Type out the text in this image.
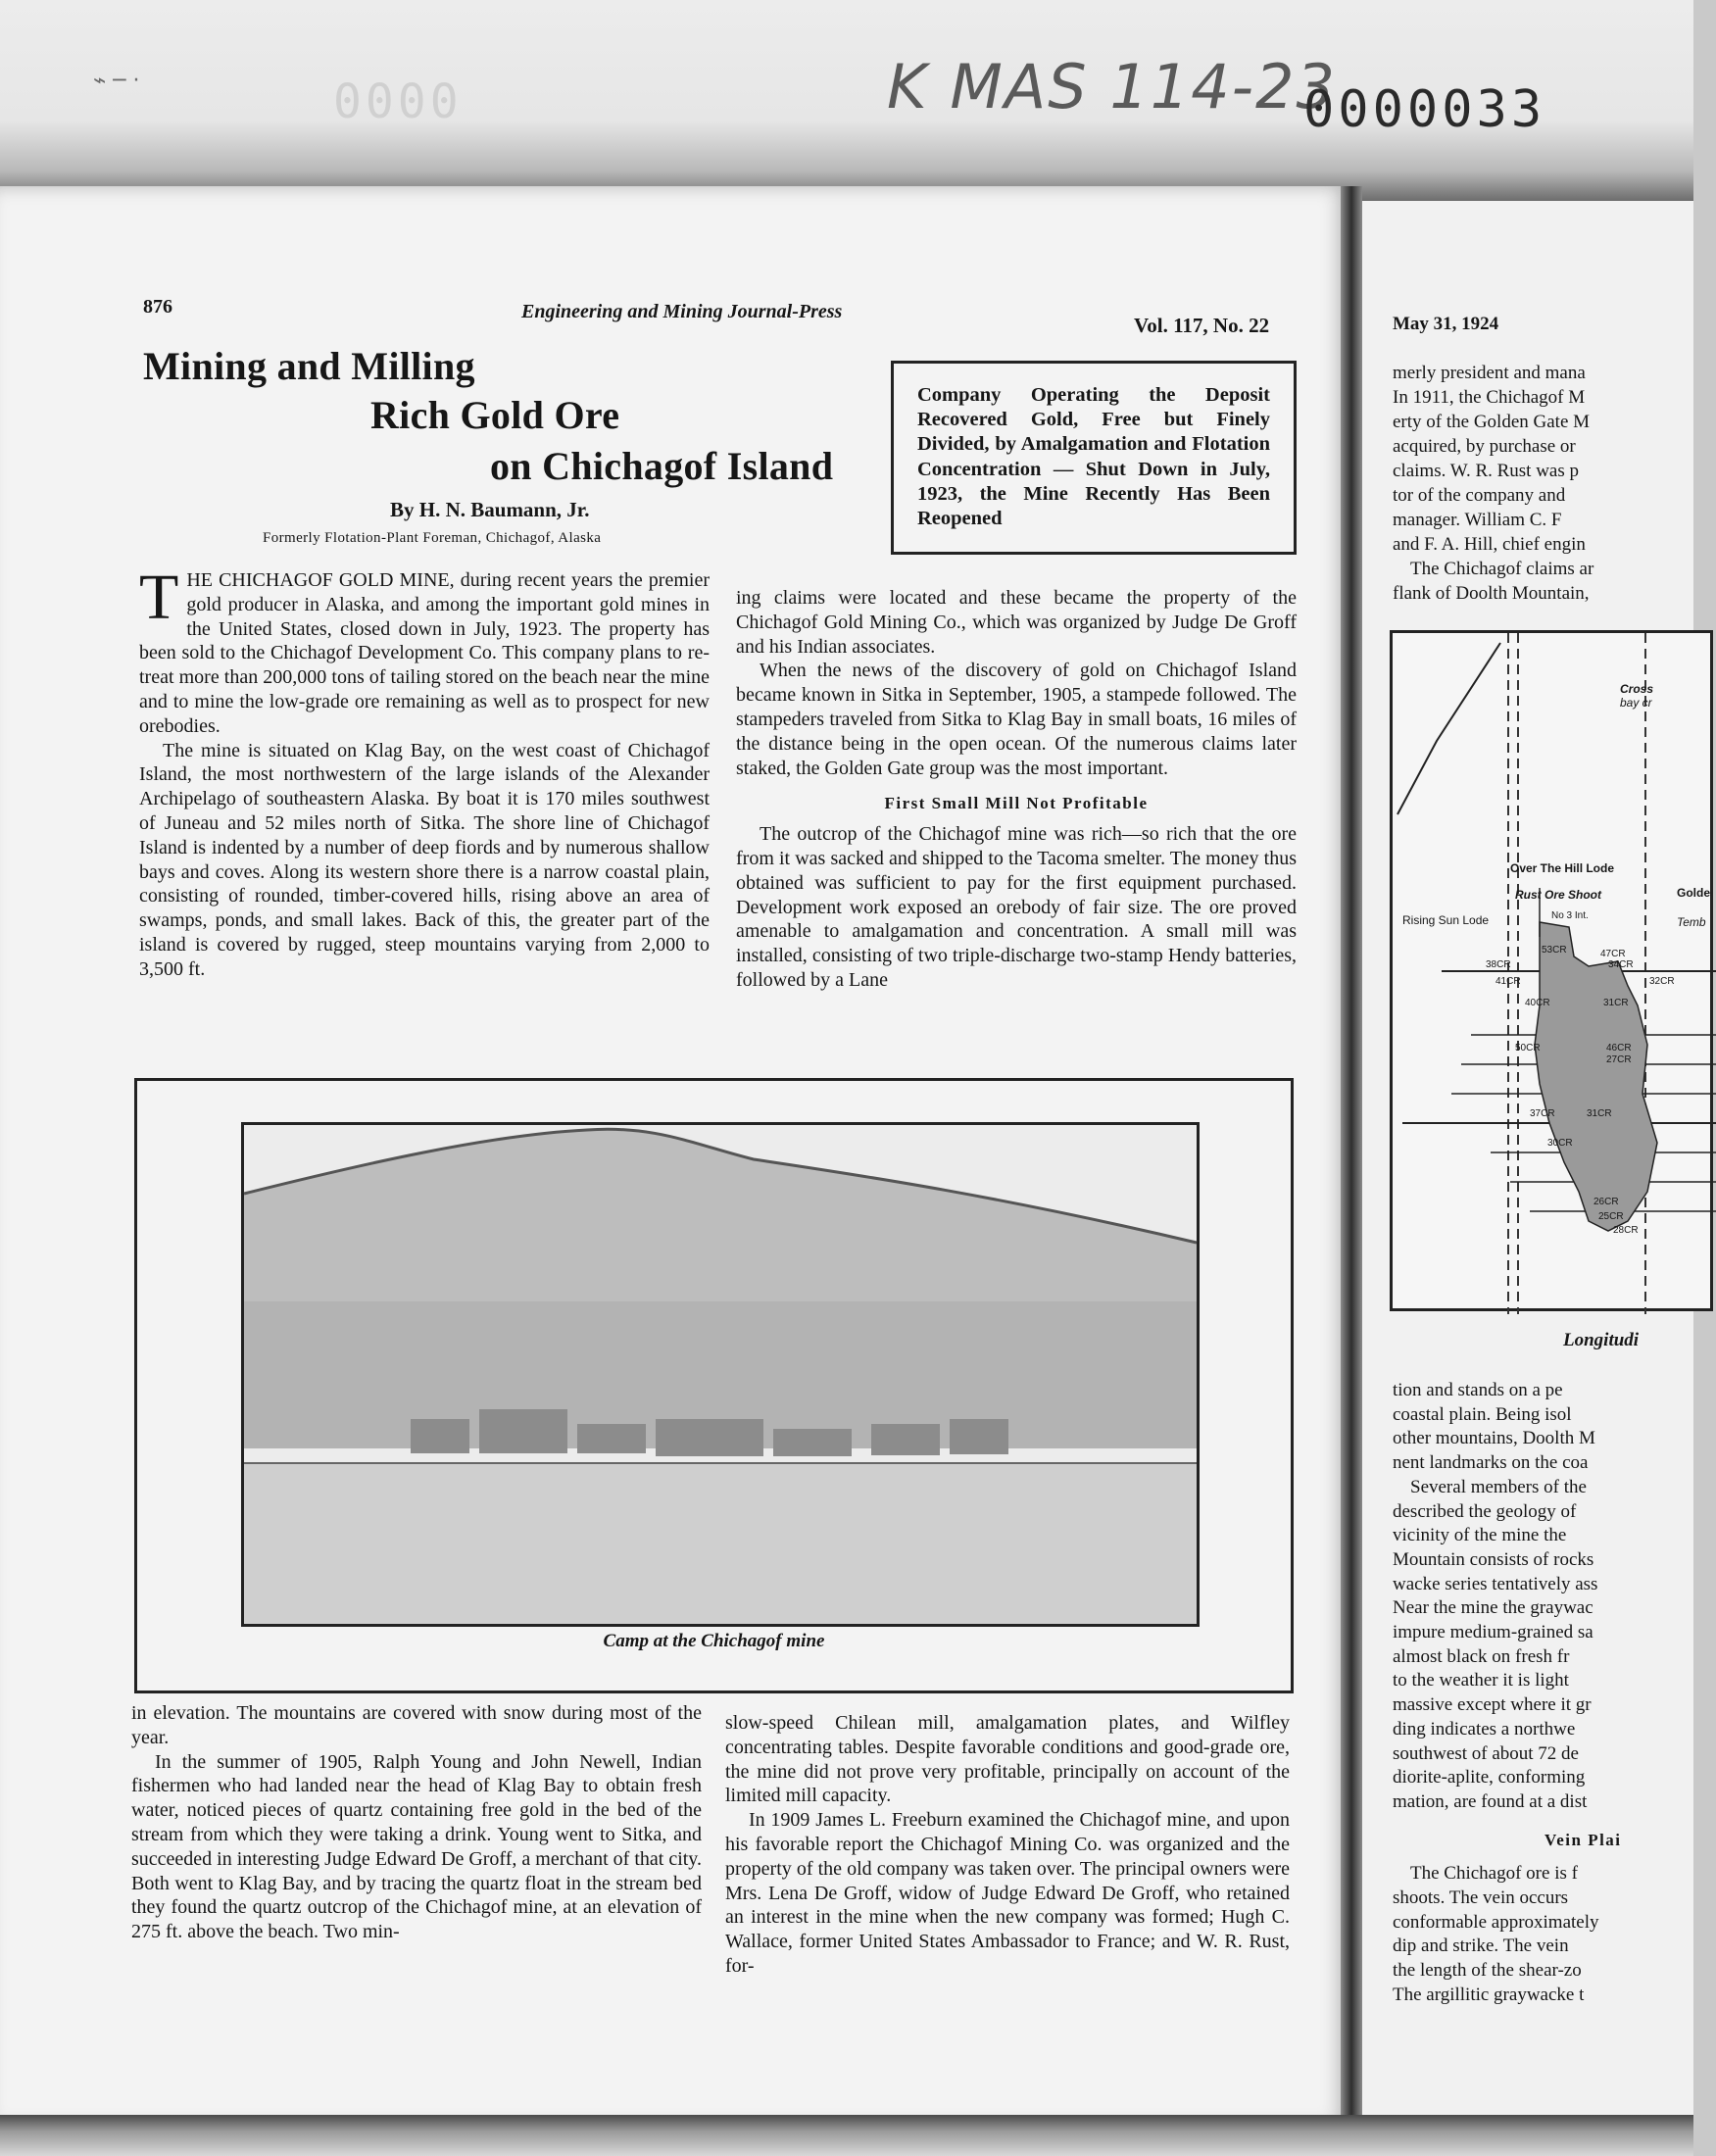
0000	K MAS 114-23
0000033
⌁ ─ ·
876	Engineering and Mining Journal-Press
Vol. 117, No. 22	May 31, 1924
Mining and Milling
Rich Gold Ore
on Chichagof Island
By H. N. Baumann, Jr.
Formerly Flotation-Plant Foreman, Chichagof, Alaska
Company Operating the Deposit Recovered Gold, Free but Finely Divided, by Amalgamation and Flotation Concentration — Shut Down in July, 1923, the Mine Recently Has Been Reopened

THE CHICHAGOF GOLD MINE, during recent years the premier gold producer in Alaska, and among the important gold mines in the United States, closed down in July, 1923. The property has been sold to the Chichagof Development Co. This company plans to re-treat more than 200,000 tons of tailing stored on the beach near the mine and to mine the low-grade ore remaining as well as to prospect for new orebodies.

The mine is situated on Klag Bay, on the west coast of Chichagof Island, the most northwestern of the large islands of the Alexander Archipelago of southeastern Alaska. By boat it is 170 miles southwest of Juneau and 52 miles north of Sitka. The shore line of Chichagof Island is indented by a number of deep fiords and by numerous shallow bays and coves. Along its western shore there is a narrow coastal plain, consisting of rounded, timber-covered hills, rising above an area of swamps, ponds, and small lakes. Back of this, the greater part of the island is covered by rugged, steep mountains varying from 2,000 to 3,500 ft.

ing claims were located and these became the property of the Chichagof Gold Mining Co., which was organized by Judge De Groff and his Indian associates.

When the news of the discovery of gold on Chichagof Island became known in Sitka in September, 1905, a stampede followed. The stampeders traveled from Sitka to Klag Bay in small boats, 16 miles of the distance being in the open ocean. Of the numerous claims later staked, the Golden Gate group was the most important.

First Small Mill Not Profitable

The outcrop of the Chichagof mine was rich—so rich that the ore from it was sacked and shipped to the Tacoma smelter. The money thus obtained was sufficient to pay for the first equipment purchased. Development work exposed an orebody of fair size. The ore proved amenable to amalgamation and concentration. A small mill was installed, consisting of two triple-discharge two-stamp Hendy batteries, followed by a Lane

Camp at the Chichagof mine

in elevation. The mountains are covered with snow during most of the year.

In the summer of 1905, Ralph Young and John Newell, Indian fishermen who had landed near the head of Klag Bay to obtain fresh water, noticed pieces of quartz containing free gold in the bed of the stream from which they were taking a drink. Young went to Sitka, and succeeded in interesting Judge Edward De Groff, a merchant of that city. Both went to Klag Bay, and by tracing the quartz float in the stream bed they found the quartz outcrop of the Chichagof mine, at an elevation of 275 ft. above the beach. Two min-

slow-speed Chilean mill, amalgamation plates, and Wilfley concentrating tables. Despite favorable conditions and good-grade ore, the mine did not prove very profitable, principally on account of the limited mill capacity.

In 1909 James L. Freeburn examined the Chichagof mine, and upon his favorable report the Chichagof Mining Co. was organized and the property of the old company was taken over. The principal owners were Mrs. Lena De Groff, widow of Judge Edward De Groff, who retained an interest in the mine when the new company was formed; Hugh C. Wallace, former United States Ambassador to France; and W. R. Rust, for-

merly president and mana
In 1911, the Chichagof M
erty of the Golden Gate M
acquired, by purchase or
claims. W. R. Rust was p
tor of the company and
manager. William C. F
and F. A. Hill, chief engin
The Chichagof claims ar
flank of Doolth Mountain,
Cross
bay cr
Over The Hill Lode
Rust Ore Shoot	Golde
Rising Sun Lode	No 3 Int.	Temb
53CR	47CR
38CR	34CR
41CR	32CR
40CR	31CR
50CR	46CR
27CR
37CR	31CR
30CR
26CR
25CR
28CR
Longitudi
tion and stands on a pe
coastal plain. Being isol
other mountains, Doolth M
nent landmarks on the coa
Several members of the
described the geology of
vicinity of the mine the
Mountain consists of rocks
wacke series tentatively ass
Near the mine the graywac
impure medium-grained sa
almost black on fresh fr
to the weather it is light
massive except where it gr
ding indicates a northwe
southwest of about 72 de
diorite-aplite, conforming
mation, are found at a dist
Vein Plai
The Chichagof ore is f
shoots. The vein occurs
conformable approximately
dip and strike. The vein
the length of the shear-zo
The argillitic graywacke t
